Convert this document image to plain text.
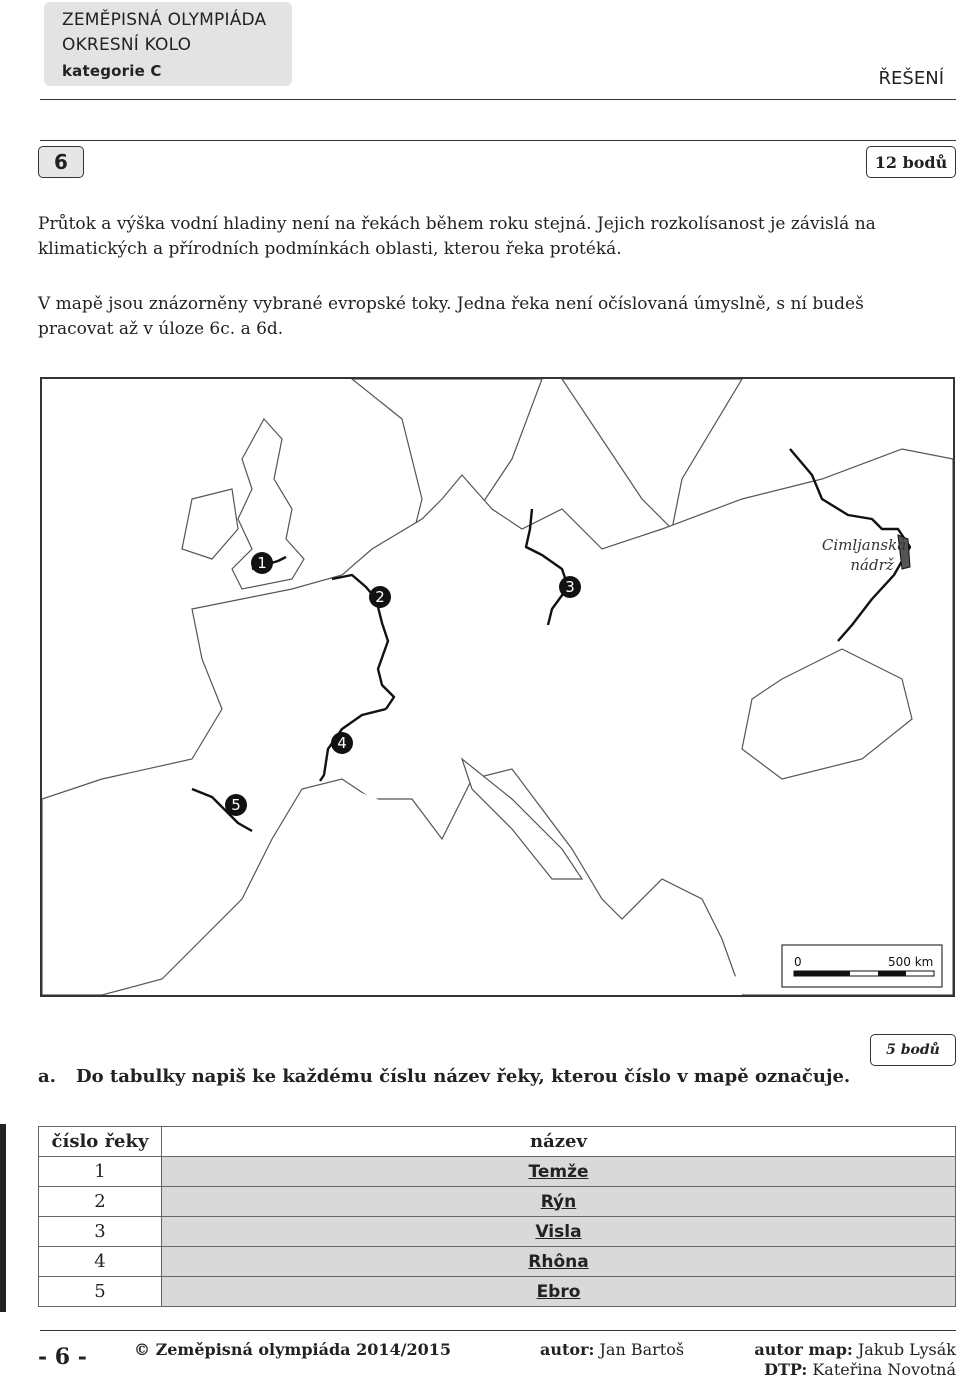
ZEMĚPISNÁ OLYMPIÁDA
OKRESNÍ KOLO
kategorie C	ŘEŠENÍ
6	12 bodů
Průtok a výška vodní hladiny není na řekách během roku stejná. Jejich rozkolísanost je závislá na klimatických a přírodních podmínkách oblasti, kterou řeka protéká.
V mapě jsou znázorněny vybrané evropské toky. Jedna řeka není očíslovaná úmyslně, s ní budeš pracovat až v úloze 6c. a 6d.
1
2
3
4
5
Cimljanská
nádrž
0	500 km
5 bodů
a. Do tabulky napiš ke každému číslu název řeky, kterou číslo v mapě označuje.
číslo řeky	název
1	Temže
2	Rýn
3	Visla
4	Rhôna
5	Ebro
- 6 -	© Zeměpisná olympiáda 2014/2015	autor: Jan Bartoš	autor map: Jakub Lysák
DTP: Kateřina Novotná
